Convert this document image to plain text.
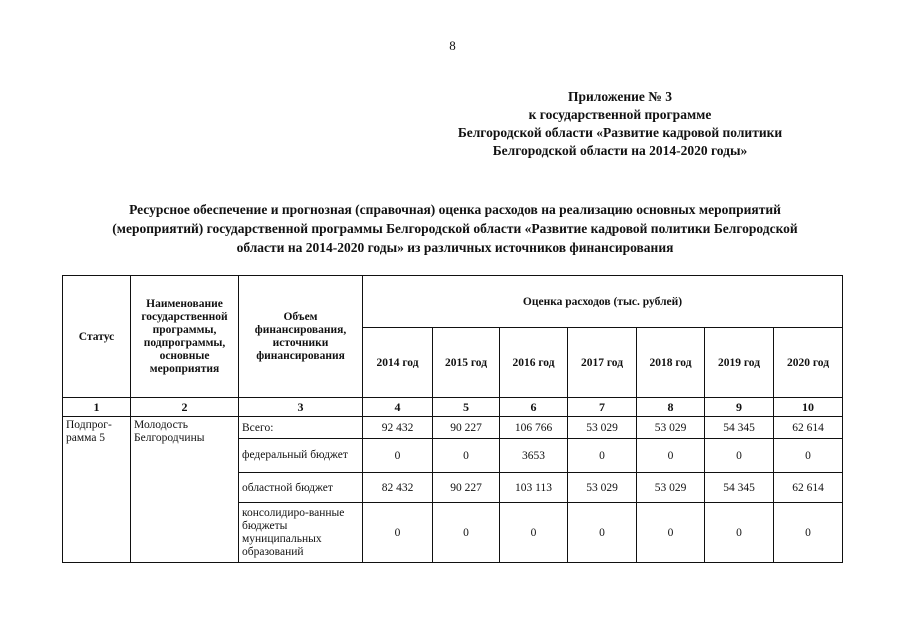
8
Приложение № 3
к государственной программе
Белгородской области «Развитие кадровой политики
Белгородской области на 2014-2020 годы»
Ресурсное обеспечение и прогнозная (справочная) оценка расходов на реализацию основных мероприятий
(мероприятий) государственной программы Белгородской области «Развитие кадровой политики Белгородской
области на 2014-2020 годы» из различных источников финансирования
Статус	Наименование государственной программы, подпрограммы, основные мероприятия	Объем финансирования, источники финансирования	Оценка расходов (тыс. рублей)						
			2014 год	2015 год	2016 год	2017 год	2018 год	2019 год	2020 год
1	2	3	4	5	6	7	8	9	10
Подпрог-рамма 5	Молодость Белгородчины	Всего:	92 432	90 227	106 766	53 029	53 029	54 345	62 614
		федеральный бюджет	0	0	3653	0	0	0	0
		областной бюджет	82 432	90 227	103 113	53 029	53 029	54 345	62 614
		консолидиро-ванные бюджеты муниципальных образований	0	0	0	0	0	0	0
